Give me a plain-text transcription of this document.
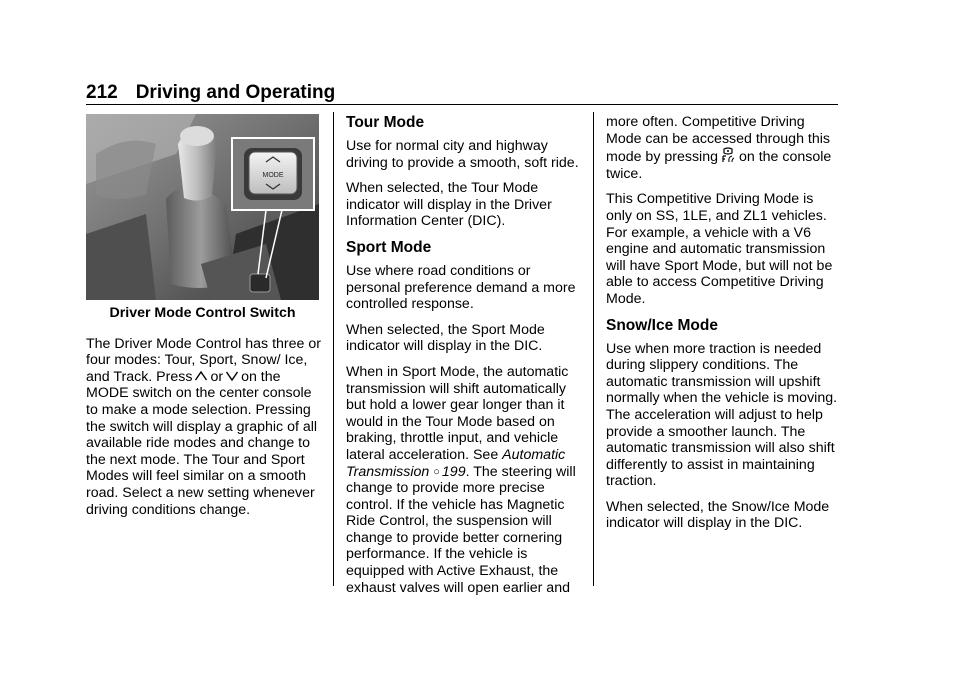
212 Driving and Operating
MODE
Driver Mode Control Switch

The Driver Mode Control has three or four modes: Tour, Sport, Snow/ Ice, and Track. Press or on the MODE switch on the center console to make a mode selection. Pressing the switch will display a graphic of all available ride modes and change to the next mode. The Tour and Sport Modes will feel similar on a smooth road. Select a new setting whenever driving conditions change.

Tour Mode

Use for normal city and highway driving to provide a smooth, soft ride.

When selected, the Tour Mode indicator will display in the Driver Information Center (DIC).

Sport Mode

Use where road conditions or personal preference demand a more controlled response.

When selected, the Sport Mode indicator will display in the DIC.

When in Sport Mode, the automatic transmission will shift automatically but hold a lower gear longer than it would in the Tour Mode based on braking, throttle input, and vehicle lateral acceleration. See Automatic Transmission ○ 199. The steering will change to provide more precise control. If the vehicle has Magnetic Ride Control, the suspension will change to provide better cornering performance. If the vehicle is equipped with Active Exhaust, the exhaust valves will open earlier and

more often. Competitive Driving Mode can be accessed through this mode by pressing on the console twice.

This Competitive Driving Mode is only on SS, 1LE, and ZL1 vehicles. For example, a vehicle with a V6 engine and automatic transmission will have Sport Mode, but will not be able to access Competitive Driving Mode.

Snow/Ice Mode

Use when more traction is needed during slippery conditions. The automatic transmission will upshift normally when the vehicle is moving. The acceleration will adjust to help provide a smoother launch. The automatic transmission will also shift differently to assist in maintaining traction.

When selected, the Snow/Ice Mode indicator will display in the DIC.
